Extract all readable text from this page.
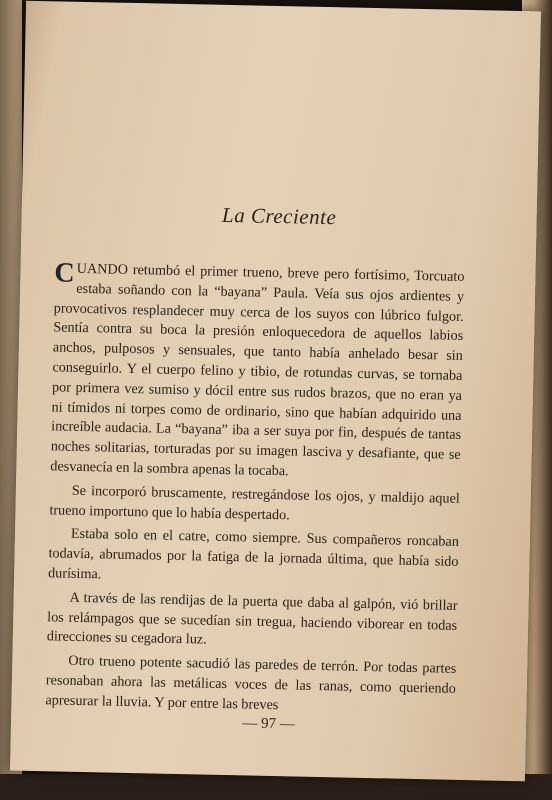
La Creciente

CUANDO retumbó el primer trueno, breve pero fortísimo, Torcuato estaba soñando con la “bayana” Paula. Veía sus ojos ardientes y provocativos resplandecer muy cerca de los suyos con lúbrico fulgor. Sentía contra su boca la presión enloquecedora de aquellos labios anchos, pulposos y sensuales, que tanto había anhelado besar sin conseguirlo. Y el cuerpo felino y tibio, de rotundas curvas, se tornaba por primera vez sumiso y dócil entre sus rudos brazos, que no eran ya ni tímidos ni torpes como de ordinario, sino que habían adquirido una increíble audacia. La “bayana” iba a ser suya por fin, después de tantas noches solitarias, torturadas por su imagen lasciva y desafiante, que se desvanecía en la sombra apenas la tocaba.

Se incorporó bruscamente, restregándose los ojos, y maldijo aquel trueno importuno que lo había despertado.

Estaba solo en el catre, como siempre. Sus compañeros roncaban todavía, abrumados por la fatiga de la jornada última, que había sido durísima.

A través de las rendijas de la puerta que daba al galpón, vió brillar los relámpagos que se sucedían sin tregua, haciendo viborear en todas direcciones su cegadora luz.

Otro trueno potente sacudió las paredes de terrón. Por todas partes resonaban ahora las metálicas voces de las ranas, como queriendo apresurar la lluvia. Y por entre las breves

— 97 —
